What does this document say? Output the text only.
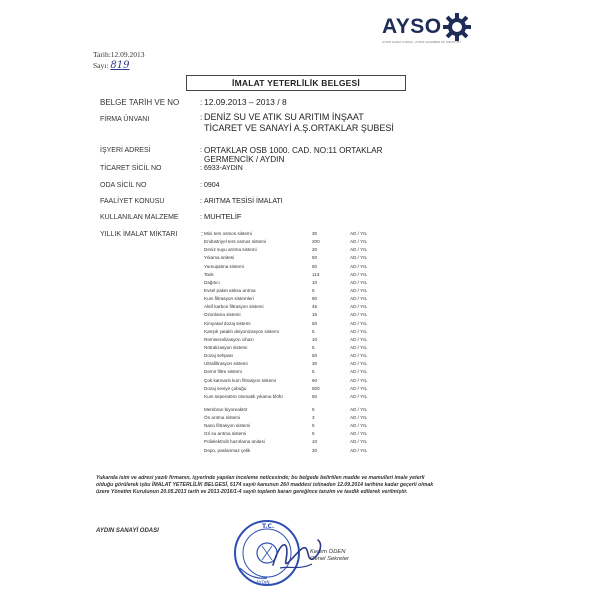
AYSO
AYDIN SANAYİ ODASI - AYDIN CHAMBER OF INDUSTRY
Tarih:12.09.2013
Sayı: 819
İMALAT YETERLİLİK BELGESİ
BELGE TARİH VE NO	: 12.09.2013 – 2013 / 8
FİRMA ÜNVANI	: DENİZ SU VE ATIK SU ARITIM İNŞAAT
TİCARET VE SANAYİ A.Ş.ORTAKLAR ŞUBESİ
İŞYERİ ADRESİ	: ORTAKLAR OSB 1000. CAD. NO:11 ORTAKLAR
GERMENCİK / AYDIN
TİCARET SİCİL NO	: 6933-AYDIN
ODA SİCİL NO	: 0904
FAALİYET KONUSU	: ARITMA TESİSİ İMALATI
KULLANILAN MALZEME	: MUHTELİF
YILLIK İMALAT MİKTARI	: Mini ters osmos sistemi	30	AD / YIL
Endüstriyel ters osmos sistemi	200	AD / YIL
Deniz suyu arıtma sistemi	20	AD / YIL
Yıkama ünitesi	50	AD / YIL
Yumuşatma sistemi	50	AD / YIL
Tank	113	AD / YIL
Dağıtıcı	10	AD / YIL
Evsel paket atıksu arıtma	5	AD / YIL
Kum filtrasyon sistemleri	80	AD / YIL
Aktif karbon filtrasyon sistemi	45	AD / YIL
Ozonlama sistemi	15	AD / YIL
Kimyasal dozaj sistemi	50	AD / YIL
Karışık yataklı deiyonizasyon sistemi	5	AD / YIL
Remineralizasyon cihazı	10	AD / YIL
Nötralizasyon sistemi	5	AD / YIL
Dozaj sehpası	50	AD / YIL
Ultrafiltrasyon sistemi	30	AD / YIL
Demir filtre sistemi	5	AD / YIL
Çok katmanlı kum filtrasyon sistemi	60	AD / YIL
Dozaj seviye çubuğu	500	AD / YIL
Kum seperatörü otomatik yıkama blöfü	50	AD / YIL
Membran biyoreaktör	5	AD / YIL
Ön arıtma sistemi	3	AD / YIL
Nano filtrasyon sistemi	5	AD / YIL
Gri su arıtma sistemi	5	AD / YIL
Polielektrolit hazırlama ünitesi	10	AD / YIL
Depo, paslanmaz çelik	20	AD / YIL
Yukarıda isim ve adresi yazılı firmanın, işyerinde yapılan inceleme neticesinde; bu belgede belirtilen madde ve mamulleri imale yeterli olduğu görülerek işbu İMALAT YETERLİLİK BELGESİ, 5174 sayılı kanunun 26/i maddesi istinaden 12.09.2014 tarihine kadar geçerli olmak üzere Yönetim Kurulunun 20.05.2013 tarih ve 2013-2016/1-4 sayılı toplantı kararı gereğince tanzim ve tasdik edilerek verilmiştir.
AYDIN SANAYİ ODASI
T.C.
AYDIN
Kerem ÖDEN
Genel Sekreter
